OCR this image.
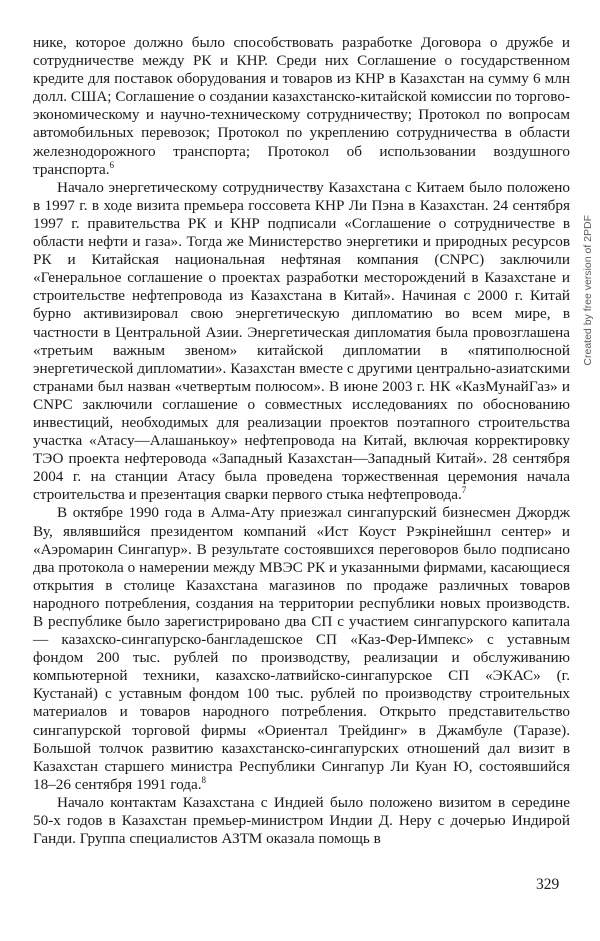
нике, которое должно было способствовать разработке Договора о дружбе и сотрудничестве между РК и КНР. Среди них Соглашение о государственном кредите для поставок оборудования и товаров из КНР в Казахстан на сумму 6 млн долл. США; Соглашение о создании казахстанско-китайской комиссии по торгово-экономическому и научно-техническому сотрудничеству; Протокол по вопросам автомобильных перевозок; Протокол по укреплению сотрудничества в области железнодорожного транспорта; Протокол об использовании воздушного транспорта.$^6$

Начало энергетическому сотрудничеству Казахстана с Китаем было положено в 1997 г. в ходе визита премьера госсовета КНР Ли Пэна в Казахстан. 24 сентября 1997 г. правительства РК и КНР подписали «Соглашение о сотрудничестве в области нефти и газа». Тогда же Министерство энергетики и природных ресурсов РК и Китайская национальная нефтяная компания (CNPC) заключили «Генеральное соглашение о проектах разработки месторождений в Казахстане и строительстве нефтепровода из Казахстана в Китай». Начиная с 2000 г. Китай бурно активизировал свою энергетическую дипломатию во всем мире, в частности в Центральной Азии. Энергетическая дипломатия была провозглашена «третьим важным звеном» китайской дипломатии в «пятиполюсной энергетической дипломатии». Казахстан вместе с другими центрально-азиатскими странами был назван «четвертым полюсом». В июне 2003 г. НК «КазМунайГаз» и CNPC заключили соглашение о совместных исследованиях по обоснованию инвестиций, необходимых для реализации проектов поэтапного строительства участка «Атасу—Алашанькоу» нефтепровода на Китай, включая корректировку ТЭО проекта нефтеровода «Западный Казахстан—Западный Китай». 28 сентября 2004 г. на станции Атасу была проведена торжественная церемония начала строительства и презентация сварки первого стыка нефтепровода.$^7$

В октябре 1990 года в Алма-Ату приезжал сингапурский бизнесмен Джордж Ву, являвшийся президентом компаний «Ист Коуст Рэкрінейшнл сентер» и «Аэромарин Сингапур». В результате состоявшихся переговоров было подписано два протокола о намерении между МВЭС РК и указанными фирмами, касающиеся открытия в столице Казахстана магазинов по продаже различных товаров народного потребления, создания на территории республики новых производств. В республике было зарегистрировано два СП с участием сингапурского капитала — казахско-сингапурско-бангладешское СП «Каз-Фер-Импекс» с уставным фондом 200 тыс. рублей по производству, реализации и обслуживанию компьютерной техники, казахско-латвийско-сингапурское СП «ЭКАС» (г. Кустанай) с уставным фондом 100 тыс. рублей по производству строительных материалов и товаров народного потребления. Открыто представительство сингапурской торговой фирмы «Ориентал Трейдинг» в Джамбуле (Таразе). Большой толчок развитию казахстанско-сингапурских отношений дал визит в Казахстан старшего министра Республики Сингапур Ли Куан Ю, состоявшийся 18–26 сентября 1991 года.$^8$

Начало контактам Казахстана с Индией было положено визитом в середине 50-х годов в Казахстан премьер-министром Индии Д. Неру с дочерью Индирой Ганди. Группа специалистов АЗТМ оказала помощь в

329
Created by free version of 2PDF
